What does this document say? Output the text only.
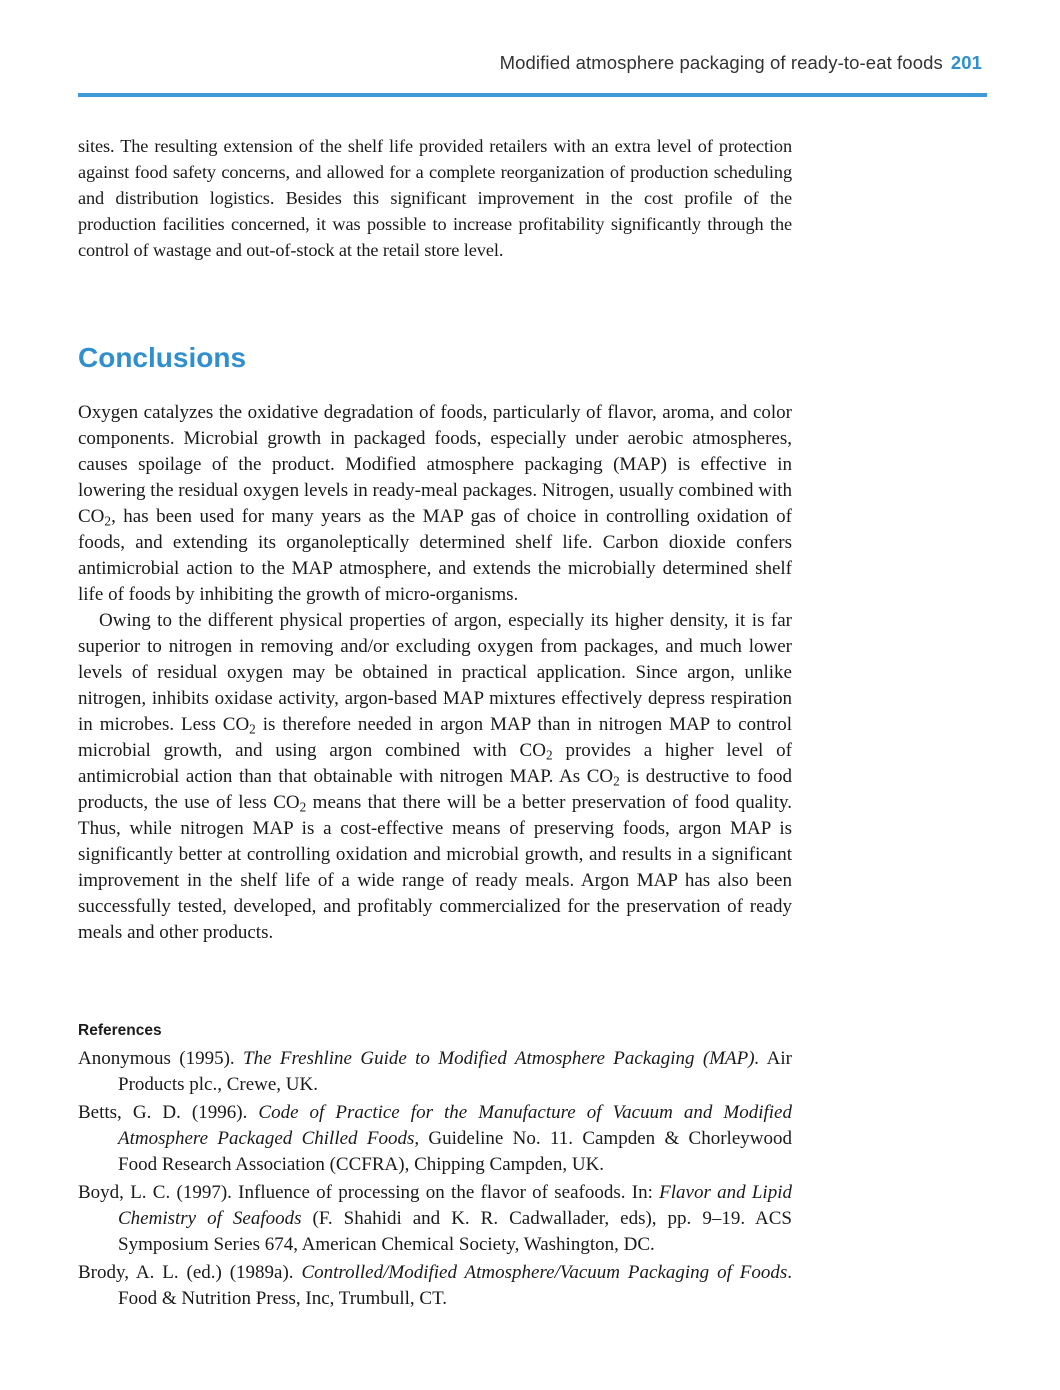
Modified atmosphere packaging of ready-to-eat foods 201
sites. The resulting extension of the shelf life provided retailers with an extra level of protection against food safety concerns, and allowed for a complete reorganization of production scheduling and distribution logistics. Besides this significant improvement in the cost profile of the production facilities concerned, it was possible to increase profitability significantly through the control of wastage and out-of-stock at the retail store level.
Conclusions

Oxygen catalyzes the oxidative degradation of foods, particularly of flavor, aroma, and color components. Microbial growth in packaged foods, especially under aerobic atmospheres, causes spoilage of the product. Modified atmosphere packaging (MAP) is effective in lowering the residual oxygen levels in ready-meal packages. Nitrogen, usually combined with $CO_2$, has been used for many years as the MAP gas of choice in controlling oxidation of foods, and extending its organoleptically determined shelf life. Carbon dioxide confers antimicrobial action to the MAP atmosphere, and extends the microbially determined shelf life of foods by inhibiting the growth of micro-organisms.

Owing to the different physical properties of argon, especially its higher density, it is far superior to nitrogen in removing and/or excluding oxygen from packages, and much lower levels of residual oxygen may be obtained in practical application. Since argon, unlike nitrogen, inhibits oxidase activity, argon-based MAP mixtures effectively depress respiration in microbes. Less $CO_2$ is therefore needed in argon MAP than in nitrogen MAP to control microbial growth, and using argon combined with $CO_2$ provides a higher level of antimicrobial action than that obtainable with nitrogen MAP. As $CO_2$ is destructive to food products, the use of less $CO_2$ means that there will be a better preservation of food quality. Thus, while nitrogen MAP is a cost-effective means of preserving foods, argon MAP is significantly better at controlling oxidation and microbial growth, and results in a significant improvement in the shelf life of a wide range of ready meals. Argon MAP has also been successfully tested, developed, and profitably commercialized for the preservation of ready meals and other products.

References

Anonymous (1995). The Freshline Guide to Modified Atmosphere Packaging (MAP). Air Products plc., Crewe, UK.

Betts, G. D. (1996). Code of Practice for the Manufacture of Vacuum and Modified Atmosphere Packaged Chilled Foods, Guideline No. 11. Campden & Chorleywood Food Research Association (CCFRA), Chipping Campden, UK.

Boyd, L. C. (1997). Influence of processing on the flavor of seafoods. In: Flavor and Lipid Chemistry of Seafoods (F. Shahidi and K. R. Cadwallader, eds), pp. 9–19. ACS Symposium Series 674, American Chemical Society, Washington, DC.

Brody, A. L. (ed.) (1989a). Controlled/Modified Atmosphere/Vacuum Packaging of Foods. Food & Nutrition Press, Inc, Trumbull, CT.
